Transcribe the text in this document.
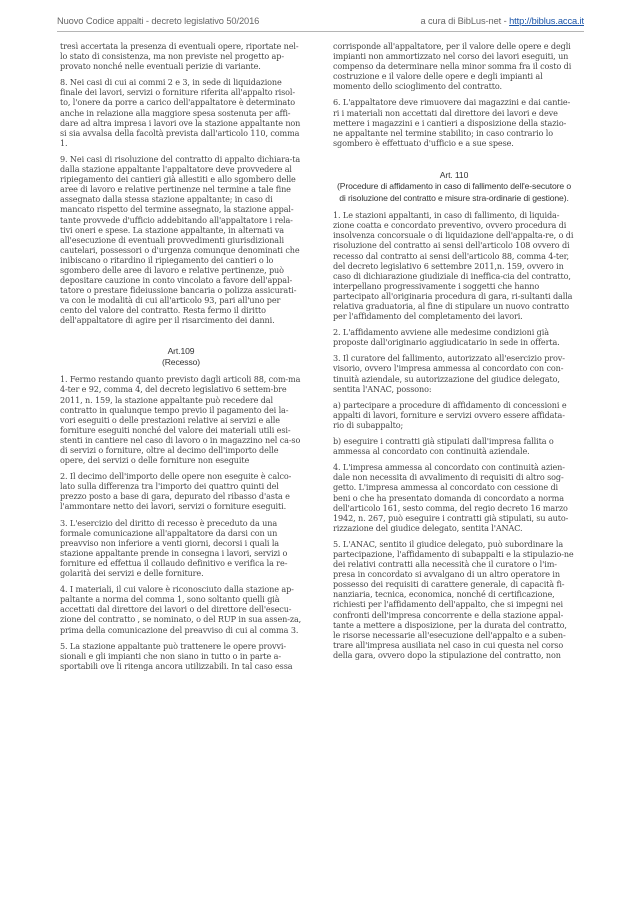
Nuovo Codice appalti - decreto legislativo 50/2016	a cura di BibLus-net - http://biblus.acca.it

tresì accertata la presenza di eventuali opere, riportate nel-lo stato di consistenza, ma non previste nel progetto ap-provato nonché nelle eventuali perizie di variante.

8. Nei casi di cui ai commi 2 e 3, in sede di liquidazione finale dei lavori, servizi o forniture riferita all'appalto risol-to, l'onere da porre a carico dell'appaltatore è determinato anche in relazione alla maggiore spesa sostenuta per affi-dare ad altra impresa i lavori ove la stazione appaltante non si sia avvalsa della facoltà prevista dall'articolo 110, comma 1.

9. Nei casi di risoluzione del contratto di appalto dichiara-ta dalla stazione appaltante l'appaltatore deve provvedere al ripiegamento dei cantieri già allestiti e allo sgombero delle aree di lavoro e relative pertinenze nel termine a tale fine assegnato dalla stessa stazione appaltante; in caso di mancato rispetto del termine assegnato, la stazione appal-tante provvede d'ufficio addebitando all'appaltatore i rela-tivi oneri e spese. La stazione appaltante, in alternati va all'esecuzione di eventuali provvedimenti giurisdizionali cautelari, possessori o d'urgenza comunque denominati che inibiscano o ritardino il ripiegamento dei cantieri o lo sgombero delle aree di lavoro e relative pertinenze, può depositare cauzione in conto vincolato a favore dell'appal-tatore o prestare fideiussione bancaria o polizza assicurati-va con le modalità di cui all'articolo 93, pari all'uno per cento del valore del contratto. Resta fermo il diritto dell'appaltatore di agire per il risarcimento dei danni.

Art.109
(Recesso)

1. Fermo restando quanto previsto dagli articoli 88, com-ma 4-ter e 92, comma 4, del decreto legislativo 6 settem-bre 2011, n. 159, la stazione appaltante può recedere dal contratto in qualunque tempo previo il pagamento dei la-vori eseguiti o delle prestazioni relative ai servizi e alle forniture eseguiti nonché del valore dei materiali utili esi-stenti in cantiere nel caso di lavoro o in magazzino nel ca-so di servizi o forniture, oltre al decimo dell'importo delle opere, dei servizi o delle forniture non eseguite

2. Il decimo dell'importo delle opere non eseguite è calco-lato sulla differenza tra l'importo dei quattro quinti del prezzo posto a base di gara, depurato del ribasso d'asta e l'ammontare netto dei lavori, servizi o forniture eseguiti.

3. L'esercizio del diritto di recesso è preceduto da una formale comunicazione all'appaltatore da darsi con un preavviso non inferiore a venti giorni, decorsi i quali la stazione appaltante prende in consegna i lavori, servizi o forniture ed effettua il collaudo definitivo e verifica la re-golarità dei servizi e delle forniture.

4. I materiali, il cui valore è riconosciuto dalla stazione ap-paltante a norma del comma 1, sono soltanto quelli già accettati dal direttore dei lavori o del direttore dell'esecu-zione del contratto , se nominato, o del RUP in sua assen-za, prima della comunicazione del preavviso di cui al comma 3.

5. La stazione appaltante può trattenere le opere provvi-sionali e gli impianti che non siano in tutto o in parte a-sportabili ove li ritenga ancora utilizzabili. In tal caso essa

corrisponde all'appaltatore, per il valore delle opere e degli impianti non ammortizzato nel corso dei lavori eseguiti, un compenso da determinare nella minor somma fra il costo di costruzione e il valore delle opere e degli impianti al momento dello scioglimento del contratto.

6. L'appaltatore deve rimuovere dai magazzini e dai cantie-ri i materiali non accettati dal direttore dei lavori e deve mettere i magazzini e i cantieri a disposizione della stazio-ne appaltante nel termine stabilito; in caso contrario lo sgombero è effettuato d'ufficio e a sue spese.

Art. 110
(Procedure di affidamento in caso di fallimento dell'e-secutore o di risoluzione del contratto e misure stra-ordinarie di gestione).

1. Le stazioni appaltanti, in caso di fallimento, di liquida-zione coatta e concordato preventivo, ovvero procedura di insolvenza concorsuale o di liquidazione dell'appalta-re, o di risoluzione del contratto ai sensi dell'articolo 108 ovvero di recesso dal contratto ai sensi dell'articolo 88, comma 4-ter, del decreto legislativo 6 settembre 2011,n. 159, ovvero in caso di dichiarazione giudiziale di ineffica-cia del contratto, interpellano progressivamente i soggetti che hanno partecipato all'originaria procedura di gara, ri-sultanti dalla relativa graduatoria, al fine di stipulare un nuovo contratto per l'affidamento del completamento dei lavori.

2. L'affidamento avviene alle medesime condizioni già proposte dall'originario aggiudicatario in sede in offerta.

3. Il curatore del fallimento, autorizzato all'esercizio prov-visorio, ovvero l'impresa ammessa al concordato con con-tinuità aziendale, su autorizzazione del giudice delegato, sentita l'ANAC, possono:

a) partecipare a procedure di affidamento di concessioni e appalti di lavori, forniture e servizi ovvero essere affidata-rio di subappalto;

b) eseguire i contratti già stipulati dall'impresa fallita o ammessa al concordato con continuità aziendale.

4. L'impresa ammessa al concordato con continuità azien-dale non necessita di avvalimento di requisiti di altro sog-getto. L'impresa ammessa al concordato con cessione di beni o che ha presentato domanda di concordato a norma dell'articolo 161, sesto comma, del regio decreto 16 marzo 1942, n. 267, può eseguire i contratti già stipulati, su auto-rizzazione del giudice delegato, sentita l'ANAC.

5. L'ANAC, sentito il giudice delegato, può subordinare la partecipazione, l'affidamento di subappalti e la stipulazio-ne dei relativi contratti alla necessità che il curatore o l'im-presa in concordato si avvalgano di un altro operatore in possesso dei requisiti di carattere generale, di capacità fi-nanziaria, tecnica, economica, nonché di certificazione, richiesti per l'affidamento dell'appalto, che si impegni nei confronti dell'impresa concorrente e della stazione appal-tante a mettere a disposizione, per la durata del contratto, le risorse necessarie all'esecuzione dell'appalto e a suben-trare all'impresa ausiliata nel caso in cui questa nel corso della gara, ovvero dopo la stipulazione del contratto, non
